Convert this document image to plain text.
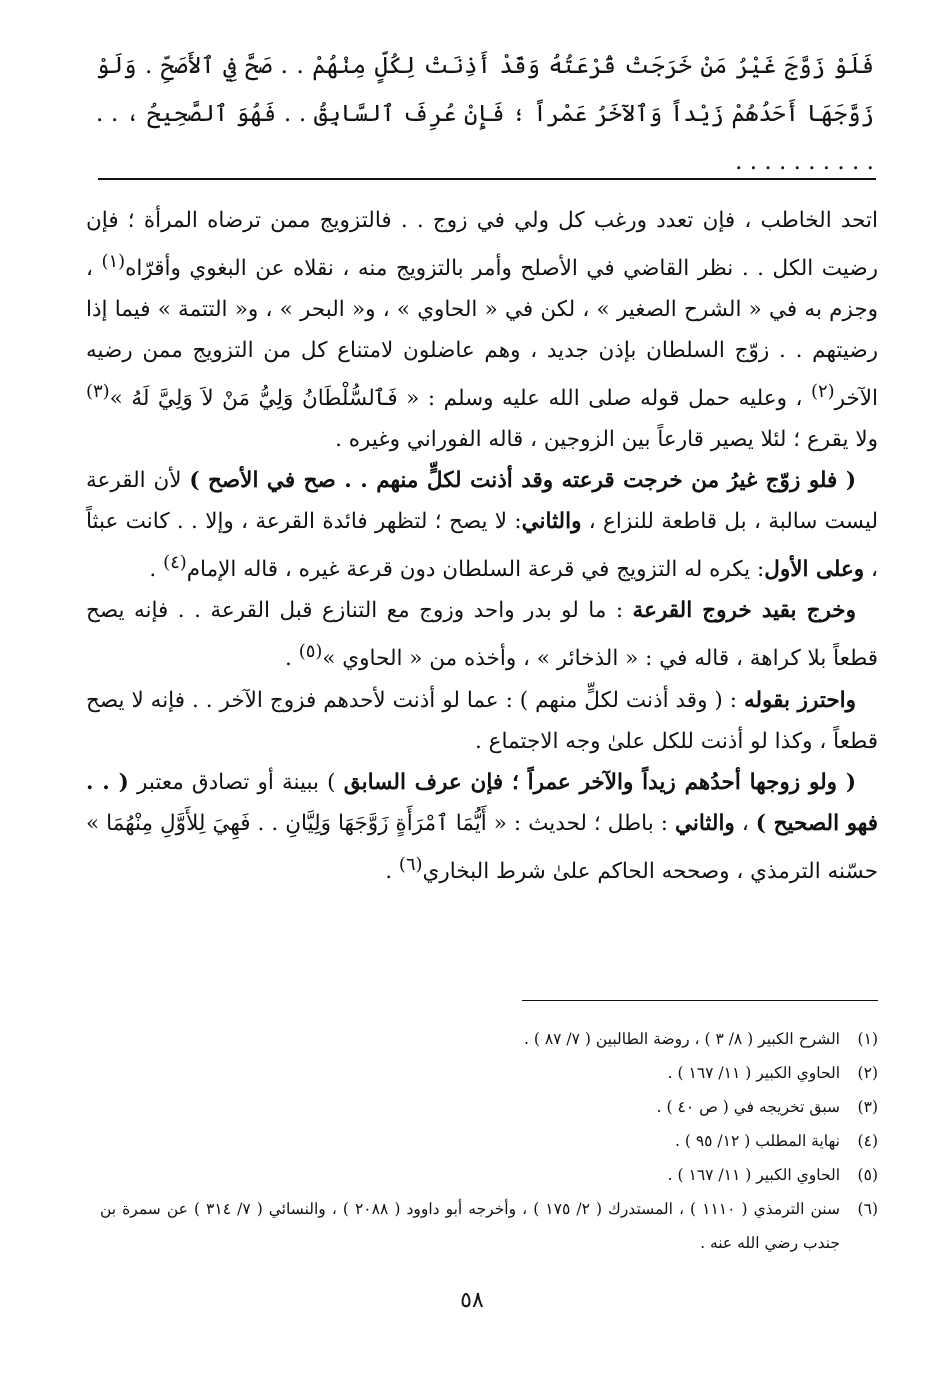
فَلَوْ زَوَّجَ غَيْرُ مَنْ خَرَجَتْ قُرْعَتُهُ وَقَدْ أَذِنَتْ لِكُلٍّ مِنْهُمْ . . صَحَّ فِي ٱلأَصَحِّ . وَلَوْ زَوَّجَهَا أَحَدُهُمْ زَيْداً وَٱلآخَرُ عَمْراً ؛ فَإِنْ عُرِفَ ٱلسَّابِقُ . . فَهُوَ ٱلصَّحِيحُ ، . . . . . . . . . . . .

اتحد الخاطب ، فإن تعدد ورغب كل ولي في زوج . . فالتزويج ممن ترضاه المرأة ؛ فإن رضيت الكل . . نظر القاضي في الأصلح وأمر بالتزويج منه ، نقلاه عن البغوي وأقرّاه$^{(١)}$ ، وجزم به في « الشرح الصغير » ، لكن في « الحاوي » ، و« البحر » ، و« التتمة » فيما إذا رضيتهم . . زوّج السلطان بإذن جديد ، وهم عاضلون لامتناع كل من التزويج ممن رضيه الآخر$^{(٢)}$ ، وعليه حمل قوله صلى الله عليه وسلم : « فَٱلسُّلْطَانُ وَلِيُّ مَنْ لاَ وَلِيَّ لَهُ »$^{(٣)}$ ولا يقرع ؛ لئلا يصير قارعاً بين الزوجين ، قاله الفوراني وغيره .

( فلو زوّج غيرُ من خرجت قرعته وقد أذنت لكلٍّ منهم . . صح في الأصح ) لأن القرعة ليست سالبة ، بل قاطعة للنزاع ، والثاني: لا يصح ؛ لتظهر فائدة القرعة ، وإلا . . كانت عبثاً ، وعلى الأول: يكره له التزويج في قرعة السلطان دون قرعة غيره ، قاله الإمام$^{(٤)}$ .

وخرج بقيد خروج القرعة : ما لو بدر واحد وزوج مع التنازع قبل القرعة . . فإنه يصح قطعاً بلا كراهة ، قاله في : « الذخائر » ، وأخذه من « الحاوي »$^{(٥)}$ .

واحترز بقوله : ( وقد أذنت لكلٍّ منهم ) : عما لو أذنت لأحدهم فزوج الآخر . . فإنه لا يصح قطعاً ، وكذا لو أذنت للكل علىٰ وجه الاجتماع .

( ولو زوجها أحدُهم زيداً والآخر عمراً ؛ فإن عرف السابق ) ببينة أو تصادق معتبر ( . . فهو الصحيح ) ، والثاني : باطل ؛ لحديث : « أَيُّمَا ٱمْرَأَةٍ زَوَّجَهَا وَلِيَّانِ . . فَهِيَ لِلأَوَّلِ مِنْهُمَا » حسّنه الترمذي ، وصححه الحاكم علىٰ شرط البخاري$^{(٦)}$ .

(١)
الشرح الكبير ( ٨/ ٣ ) ، روضة الطالبين ( ٧/ ٨٧ ) .
(٢)
الحاوي الكبير ( ١١/ ١٦٧ ) .
(٣)
سبق تخريجه في ( ص ٤٠ ) .
(٤)
نهاية المطلب ( ١٢/ ٩٥ ) .
(٥)
الحاوي الكبير ( ١١/ ١٦٧ ) .
(٦)
سنن الترمذي ( ١١١٠ ) ، المستدرك ( ٢/ ١٧٥ ) ، وأخرجه أبو داوود ( ٢٠٨٨ ) ، والنسائي ( ٧/ ٣١٤ ) عن سمرة بن جندب رضي الله عنه .
٥٨
